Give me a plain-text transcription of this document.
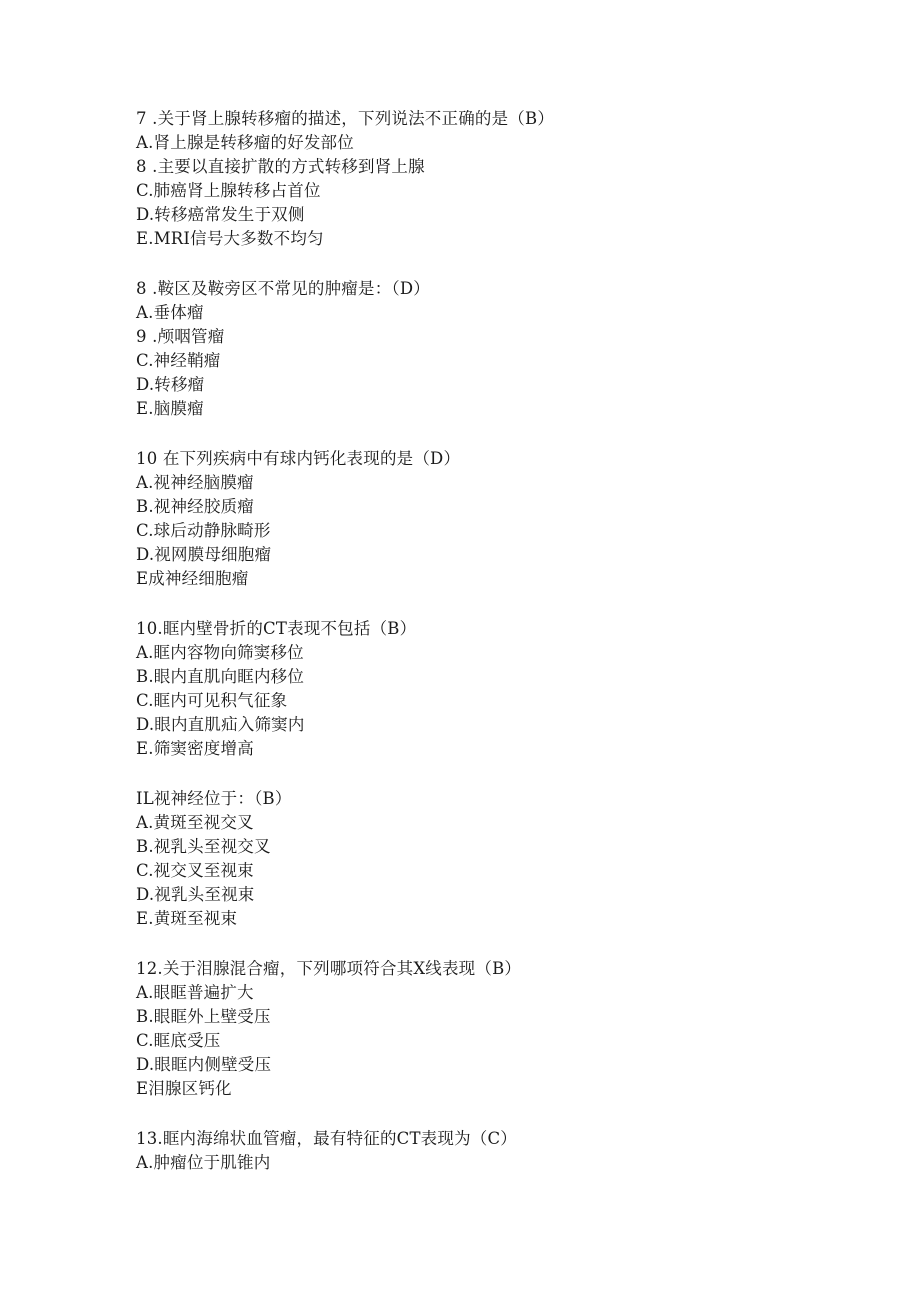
7 .关于肾上腺转移瘤的描述，下列说法不正确的是（B）
A.肾上腺是转移瘤的好发部位
8 .主要以直接扩散的方式转移到肾上腺
C.肺癌肾上腺转移占首位
D.转移癌常发生于双侧
E.MRI信号大多数不均匀
8 .鞍区及鞍旁区不常见的肿瘤是：（D）
A.垂体瘤
9 .颅咽管瘤
C.神经鞘瘤
D.转移瘤
E.脑膜瘤
10 在下列疾病中有球内钙化表现的是（D）
A.视神经脑膜瘤
B.视神经胶质瘤
C.球后动静脉畸形
D.视网膜母细胞瘤
E成神经细胞瘤
10.眶内壁骨折的CT表现不包括（B）
A.眶内容物向筛窦移位
B.眼内直肌向眶内移位
C.眶内可见积气征象
D.眼内直肌疝入筛窦内
E.筛窦密度增高
IL视神经位于：（B）
A.黄斑至视交叉
B.视乳头至视交叉
C.视交叉至视束
D.视乳头至视束
E.黄斑至视束
12.关于泪腺混合瘤，下列哪项符合其X线表现（B）
A.眼眶普遍扩大
B.眼眶外上壁受压
C.眶底受压
D.眼眶内侧壁受压
E泪腺区钙化
13.眶内海绵状血管瘤，最有特征的CT表现为（C）
A.肿瘤位于肌锥内
